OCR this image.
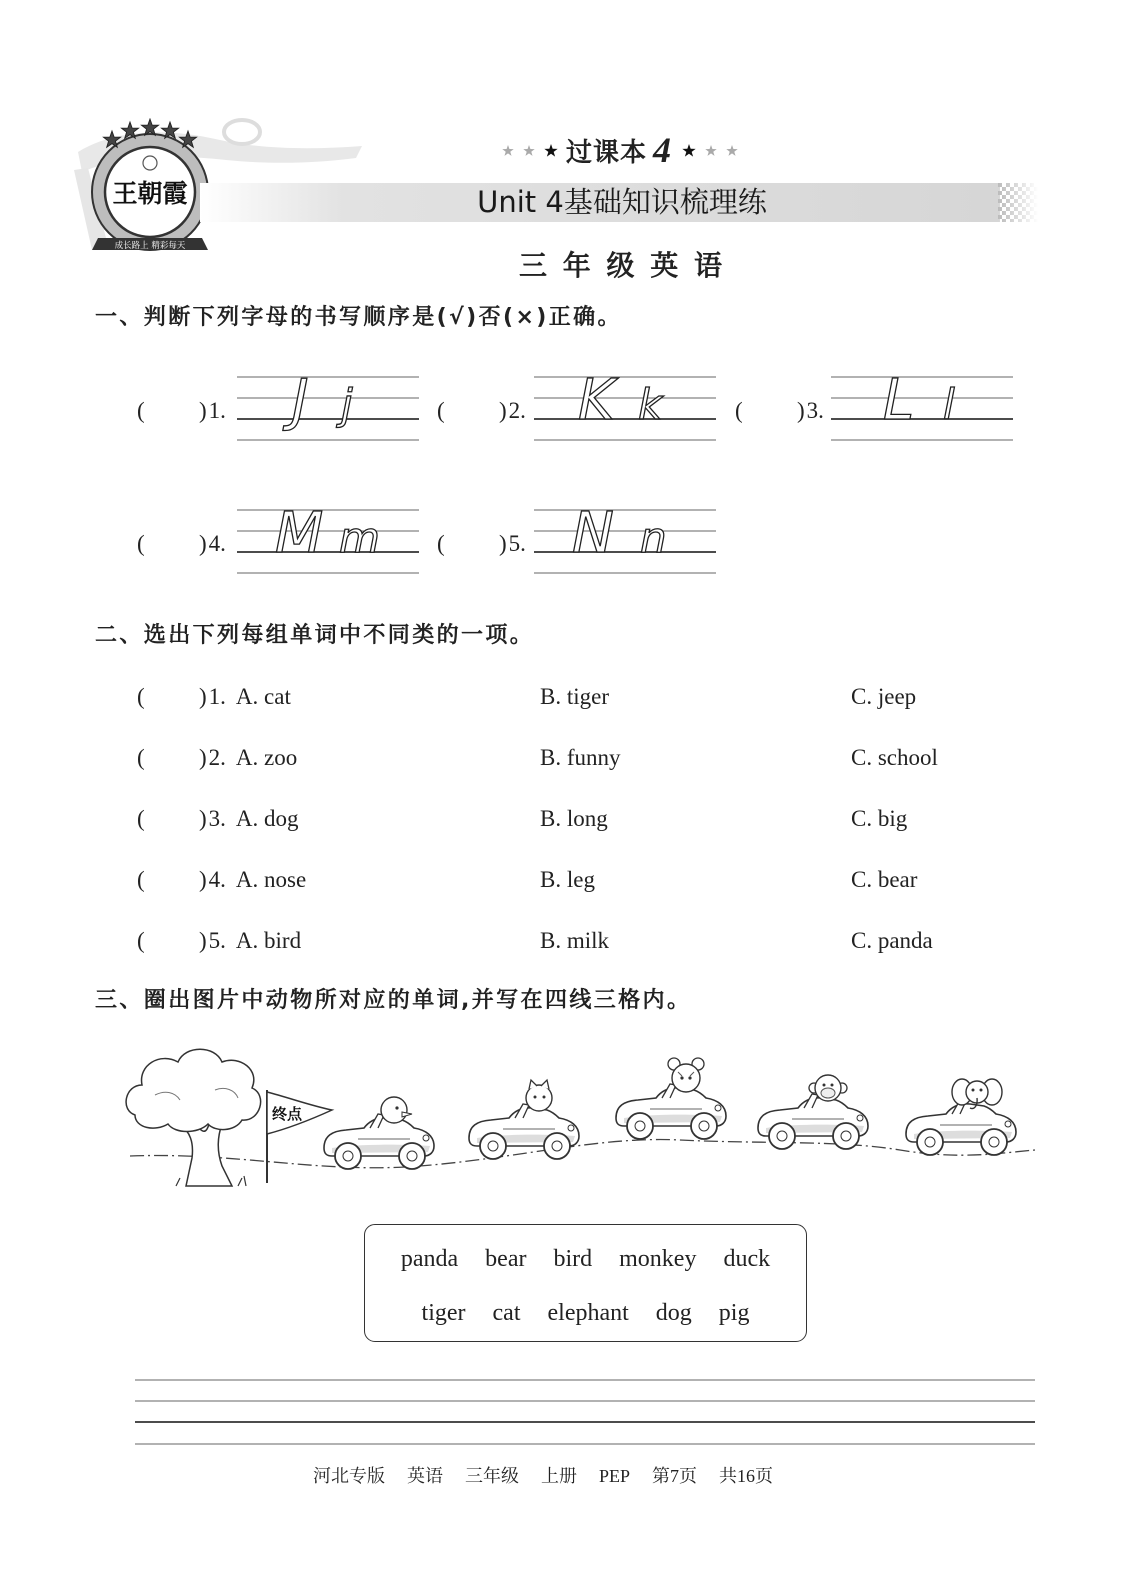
王朝霞
成长路上 精彩每天
过课本 4
Unit 4基础知识梳理练
三 年 级 英 语
一、判断下列字母的书写顺序是(√)否(×)正确。
( ) 1. J j	( ) 2. K k	( ) 3. L l
( ) 4. M m ( ) 5. N n
二、选出下列每组单词中不同类的一项。
( ) 1. A. cat	B. tiger	C. jeep
( ) 2. A. zoo	B. funny	C. school
( ) 3. A. dog	B. long	C. big
( ) 4. A. nose	B. leg	C. bear
( ) 5. A. bird	B. milk	C. panda
三、圈出图片中动物所对应的单词,并写在四线三格内。
终点
panda bear bird monkey duck
tiger cat elephant dog pig
河北专版 英语 三年级 上册 PEP 第7页 共16页
